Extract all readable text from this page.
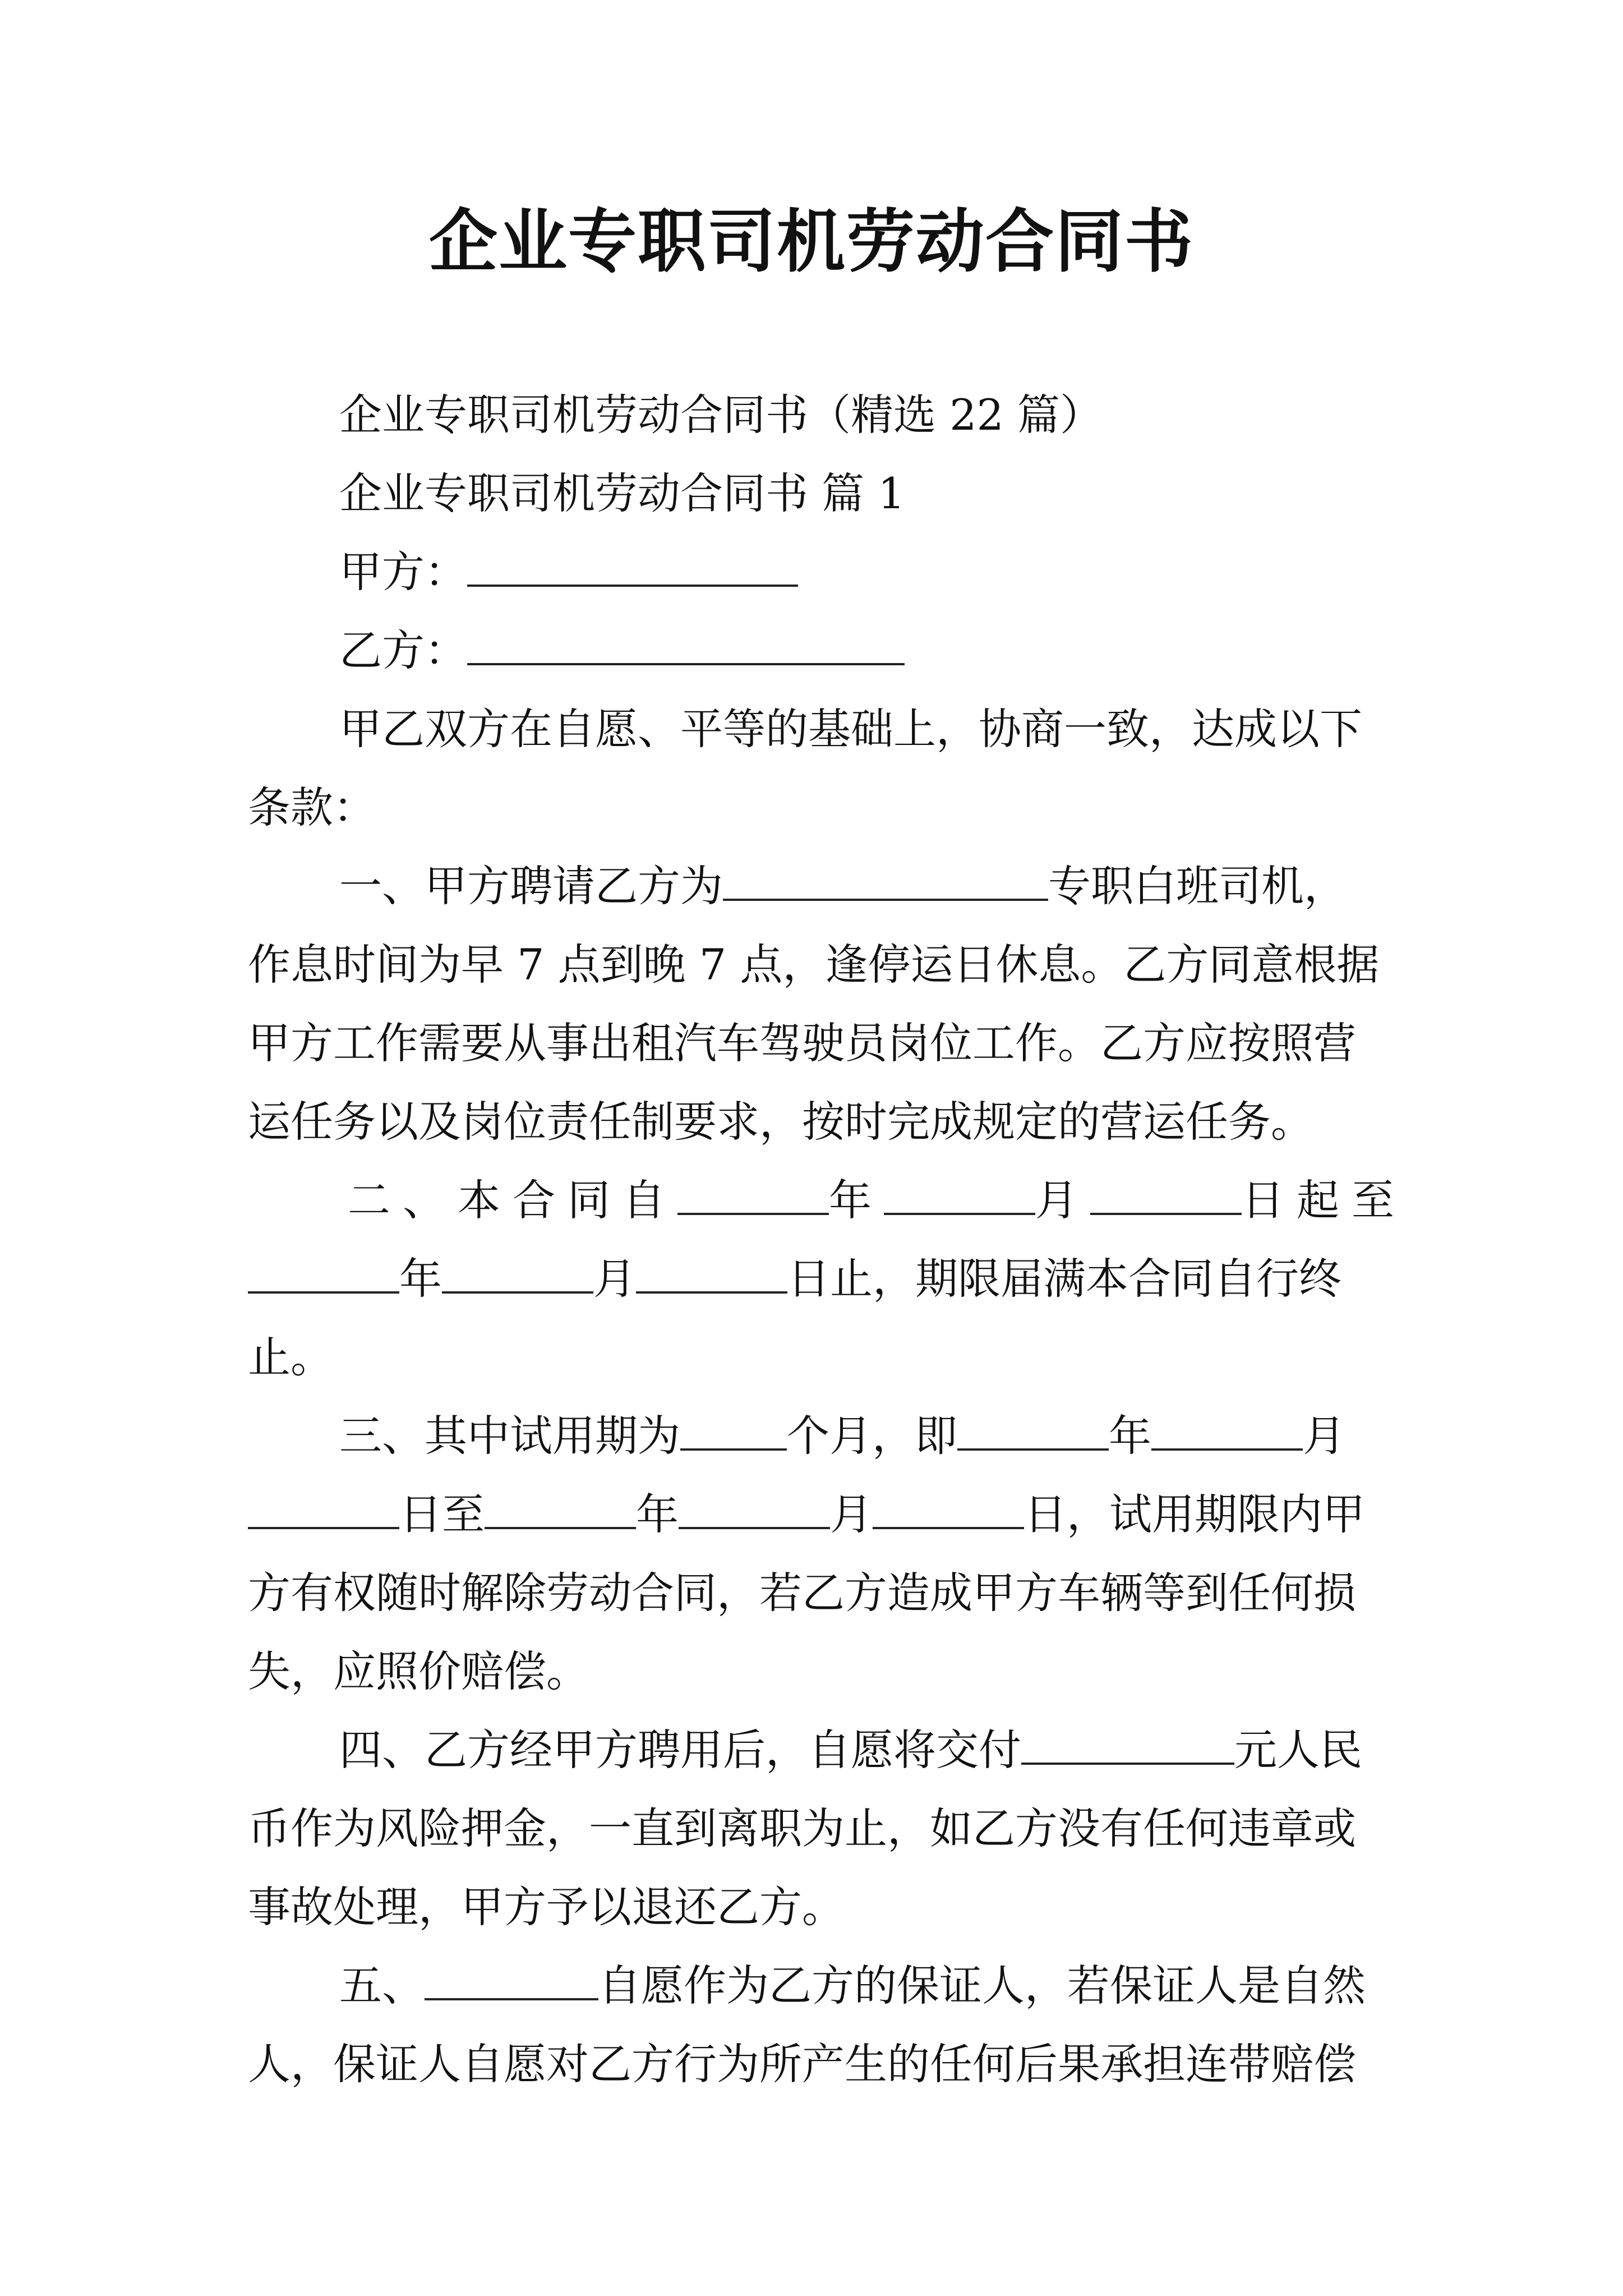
企业专职司机劳动合同书
企业专职司机劳动合同书（精选 22 篇）
企业专职司机劳动合同书 篇 1
甲方：
乙方：
甲乙双方在自愿、平等的基础上，协商一致，达成以下
条款：
一、甲方聘请乙方为	专职白班司机，
作息时间为早 7 点到晚 7 点，逢停运日休息。乙方同意根据
甲方工作需要从事出租汽车驾驶员岗位工作。乙方应按照营
运任务以及岗位责任制要求，按时完成规定的营运任务。
二、本合同自	年	月	日起至
年	月	日止，期限届满本合同自行终
止。
三、其中试用期为	个月，即	年	月
日至	年	月	日，试用期限内甲
方有权随时解除劳动合同，若乙方造成甲方车辆等到任何损
失，应照价赔偿。
四、乙方经甲方聘用后，自愿将交付	元人民
币作为风险押金，一直到离职为止，如乙方没有任何违章或
事故处理，甲方予以退还乙方。
五、	自愿作为乙方的保证人，若保证人是自然
人，保证人自愿对乙方行为所产生的任何后果承担连带赔偿
